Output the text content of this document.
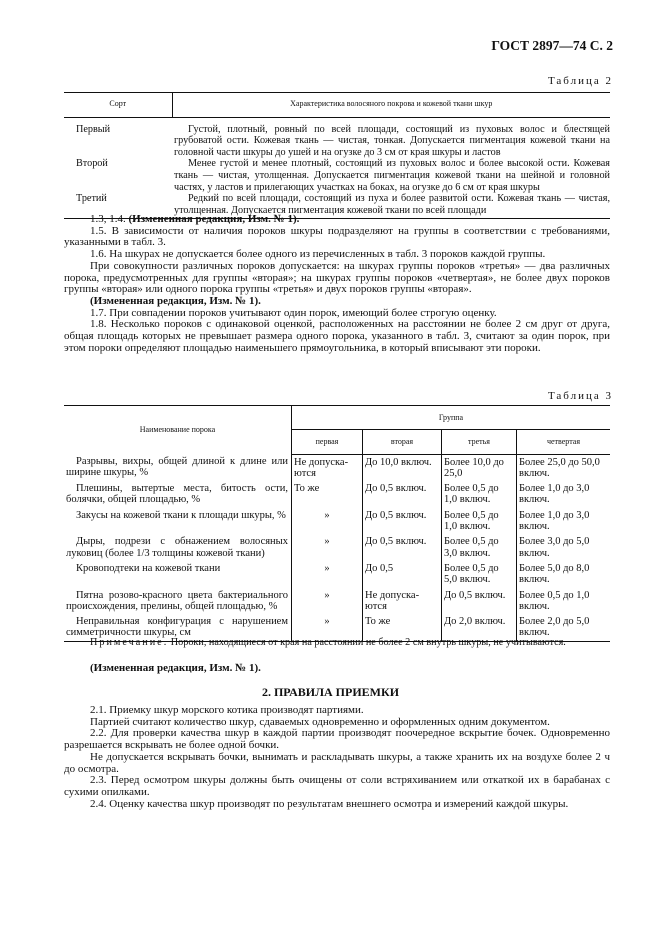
ГОСТ 2897—74 С. 2
Таблица 2
Сорт	Характеристика волосяного покрова и кожевой ткани шкур
Первый	Густой, плотный, ровный по всей площади, состоящий из пуховых волос и блестящей грубоватой ости. Кожевая ткань — чистая, тонкая. Допускается пигментация кожевой ткани на головной части шкуры до ушей и на огузке до 3 см от края шкуры и ластов
Второй	Менее густой и менее плотный, состоящий из пуховых волос и более высокой ости. Кожевая ткань — чистая, утолщенная. Допускается пигментация кожевой ткани на шейной и головной частях, у ластов и прилегающих участках на боках, на огузке до 6 см от края шкуры
Третий	Редкий по всей площади, состоящий из пуха и более развитой ости. Кожевая ткань — чистая, утолщенная. Допускается пигментация кожевой ткани по всей площади

1.3, 1.4. (Измененная редакция, Изм. № 1).

1.5. В зависимости от наличия пороков шкуры подразделяют на группы в соответствии с требованиями, указанными в табл. 3.

1.6. На шкурах не допускается более одного из перечисленных в табл. 3 пороков каждой группы.

При совокупности различных пороков допускается: на шкурах группы пороков «третья» — два различных порока, предусмотренных для группы «вторая»; на шкурах группы пороков «четвертая», не более двух пороков группы «вторая» или одного порока группы «третья» и двух пороков группы «вторая».

(Измененная редакция, Изм. № 1).

1.7. При совпадении пороков учитывают один порок, имеющий более строгую оценку.

1.8. Несколько пороков с одинаковой оценкой, расположенных на расстоянии не более 2 см друг от друга, общая площадь которых не превышает размера одного порока, указанного в табл. 3, считают за один порок, при этом пороки определяют площадью наименьшего прямоугольника, в который вписывают эти пороки.

Таблица 3
Наименование порока	Группа			
	первая	вторая	третья	четвертая
Разрывы, вихры, общей длиной к длине или ширине шкуры, %	Не допуска-ются	До 10,0 включ.	Более 10,0 до 25,0	Более 25,0 до 50,0 включ.
Плешины, вытертые места, битость ости, болячки, общей площадью, %	То же	До 0,5 включ.	Более 0,5 до 1,0 включ.	Более 1,0 до 3,0 включ.
Закусы на кожевой ткани к площади шкуры, %	»	До 0,5 включ.	Более 0,5 до 1,0 включ.	Более 1,0 до 3,0 включ.
Дыры, подрези с обнажением волосяных луковиц (более 1/3 толщины кожевой ткани)	»	До 0,5 включ.	Более 0,5 до 3,0 включ.	Более 3,0 до 5,0 включ.
Кровоподтеки на кожевой ткани	»	До 0,5	Более 0,5 до 5,0 включ.	Более 5,0 до 8,0 включ.
Пятна розово-красного цвета бактериального происхождения, прелины, общей площадью, %	»	Не допуска-ются	До 0,5 включ.	Более 0,5 до 1,0 включ.
Неправильная конфигурация с нарушением симметричности шкуры, см	»	То же	До 2,0 включ.	Более 2,0 до 5,0 включ.
Примечание. Пороки, находящиеся от края на расстоянии не более 2 см внутрь шкуры, не учитываются.
(Измененная редакция, Изм. № 1).
2. ПРАВИЛА ПРИЕМКИ

2.1. Приемку шкур морского котика производят партиями.

Партией считают количество шкур, сдаваемых одновременно и оформленных одним документом.

2.2. Для проверки качества шкур в каждой партии производят поочередное вскрытие бочек. Одновременно разрешается вскрывать не более одной бочки.

Не допускается вскрывать бочки, вынимать и раскладывать шкуры, а также хранить их на воздухе более 2 ч до осмотра.

2.3. Перед осмотром шкуры должны быть очищены от соли встряхиванием или откаткой их в барабанах с сухими опилками.

2.4. Оценку качества шкур производят по результатам внешнего осмотра и измерений каждой шкуры.
